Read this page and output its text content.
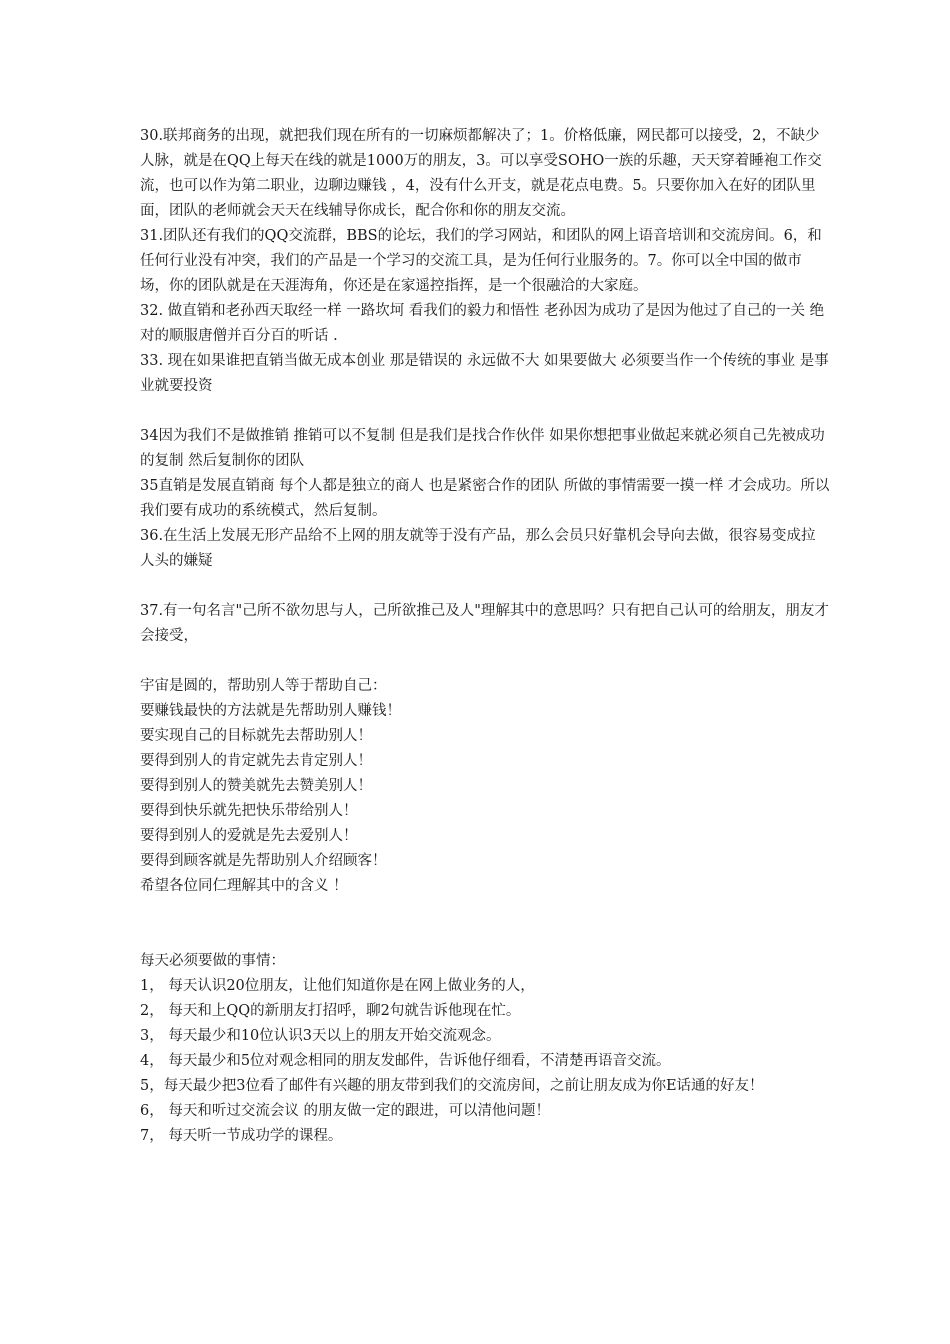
30.联邦商务的出现，就把我们现在所有的一切麻烦都解决了；1。价格低廉，网民都可以接受，2，不缺少人脉，就是在QQ上每天在线的就是1000万的朋友，3。可以享受SOHO一族的乐趣，天天穿着睡袍工作交流，也可以作为第二职业，边聊边赚钱 ，4，没有什么开支，就是花点电费。5。只要你加入在好的团队里面，团队的老师就会天天在线辅导你成长，配合你和你的朋友交流。

31.团队还有我们的QQ交流群，BBS的论坛，我们的学习网站，和团队的网上语音培训和交流房间。6，和任何行业没有冲突，我们的产品是一个学习的交流工具，是为任何行业服务的。7。你可以全中国的做市场，你的团队就是在天涯海角，你还是在家遥控指挥，是一个很融洽的大家庭。

32. 做直销和老孙西天取经一样 一路坎坷 看我们的毅力和悟性 老孙因为成功了是因为他过了自己的一关 绝对的顺服唐僧并百分百的听话 .

33. 现在如果谁把直销当做无成本创业 那是错误的 永远做不大 如果要做大 必须要当作一个传统的事业 是事业就要投资

34因为我们不是做推销 推销可以不复制 但是我们是找合作伙伴 如果你想把事业做起来就必须自己先被成功的复制 然后复制你的团队

35直销是发展直销商 每个人都是独立的商人 也是紧密合作的团队 所做的事情需要一摸一样 才会成功。所以我们要有成功的系统模式，然后复制。

36.在生活上发展无形产品给不上网的朋友就等于没有产品，那么会员只好靠机会导向去做，很容易变成拉人头的嫌疑

37.有一句名言"己所不欲勿思与人，己所欲推己及人"理解其中的意思吗？只有把自己认可的给朋友，朋友才会接受，

宇宙是圆的，帮助别人等于帮助自己：

要赚钱最快的方法就是先帮助别人赚钱！

要实现自己的目标就先去帮助别人！

要得到别人的肯定就先去肯定别人！

要得到别人的赞美就先去赞美别人！

要得到快乐就先把快乐带给别人！

要得到别人的爱就是先去爱别人！

要得到顾客就是先帮助别人介绍顾客！

希望各位同仁理解其中的含义 ！

每天必须要做的事情：

1， 每天认识20位朋友，让他们知道你是在网上做业务的人，

2， 每天和上QQ的新朋友打招呼，聊2句就告诉他现在忙。

3， 每天最少和10位认识3天以上的朋友开始交流观念。

4， 每天最少和5位对观念相同的朋友发邮件，告诉他仔细看，不清楚再语音交流。

5，每天最少把3位看了邮件有兴趣的朋友带到我们的交流房间，之前让朋友成为你E话通的好友！

6， 每天和听过交流会议 的朋友做一定的跟进，可以清他问题！

7， 每天听一节成功学的课程。
